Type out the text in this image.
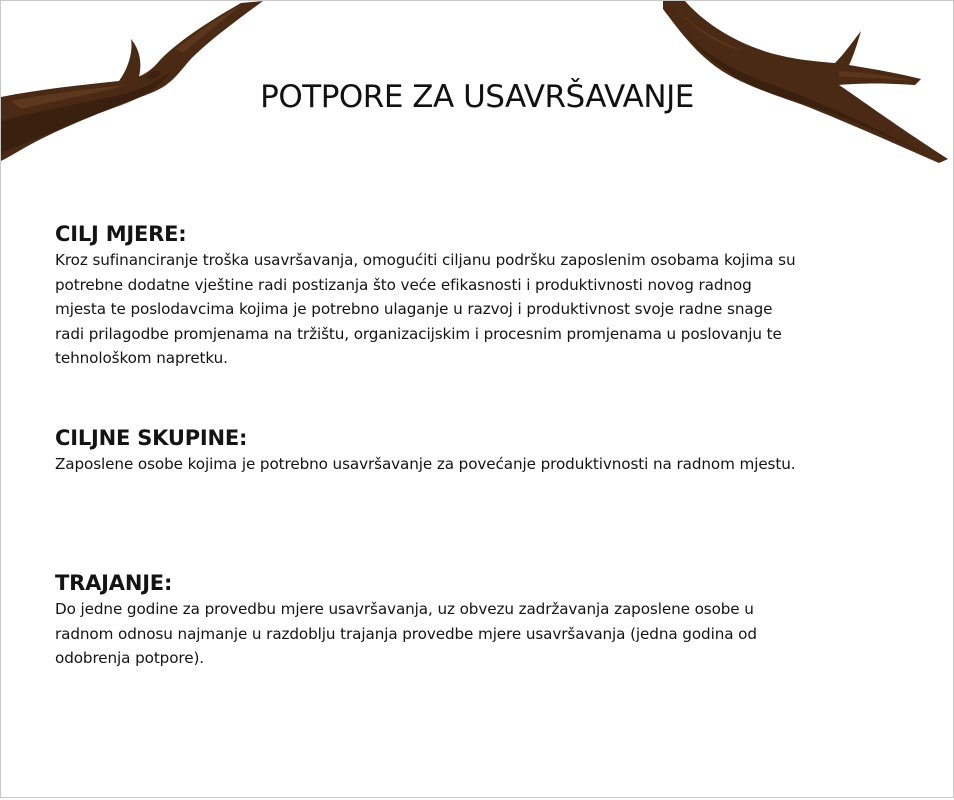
POTPORE ZA USAVRŠAVANJE
CILJ MJERE:

Kroz sufinanciranje troška usavršavanja, omogućiti ciljanu podršku zaposlenim osobama kojima su potrebne dodatne vještine radi postizanja što veće efikasnosti i produktivnosti novog radnog mjesta te poslodavcima kojima je potrebno ulaganje u razvoj i produktivnost svoje radne snage radi prilagodbe promjenama na tržištu, organizacijskim i procesnim promjenama u poslovanju te tehnološkom napretku.

CILJNE SKUPINE:

Zaposlene osobe kojima je potrebno usavršavanje za povećanje produktivnosti na radnom mjestu.

TRAJANJE:

Do jedne godine za provedbu mjere usavršavanja, uz obvezu zadržavanja zaposlene osobe u radnom odnosu najmanje u razdoblju trajanja provedbe mjere usavršavanja (jedna godina od odobrenja potpore).
